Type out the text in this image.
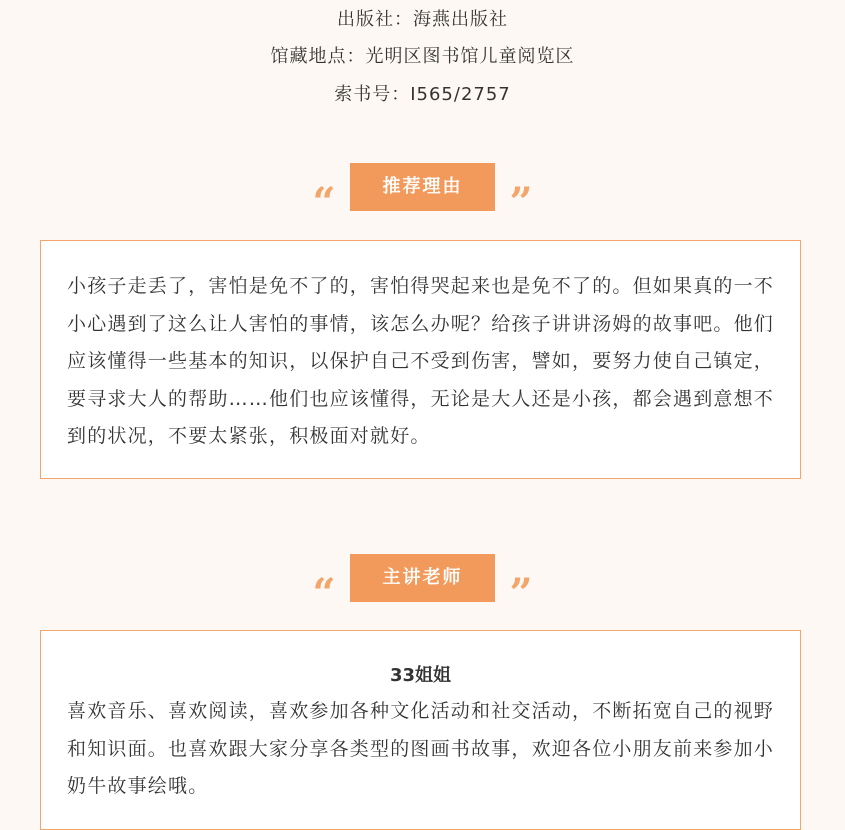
出版社：海燕出版社
馆藏地点：光明区图书馆儿童阅览区
索书号：I565/2757
“	推荐理由	”

小孩子走丢了，害怕是免不了的，害怕得哭起来也是免不了的。但如果真的一不小心遇到了这么让人害怕的事情，该怎么办呢？给孩子讲讲汤姆的故事吧。他们应该懂得一些基本的知识，以保护自己不受到伤害，譬如，要努力使自己镇定，要寻求大人的帮助……他们也应该懂得，无论是大人还是小孩，都会遇到意想不到的状况，不要太紧张，积极面对就好。

“	主讲老师	”
33姐姐

喜欢音乐、喜欢阅读，喜欢参加各种文化活动和社交活动，不断拓宽自己的视野和知识面。也喜欢跟大家分享各类型的图画书故事，欢迎各位小朋友前来参加小奶牛故事绘哦。
